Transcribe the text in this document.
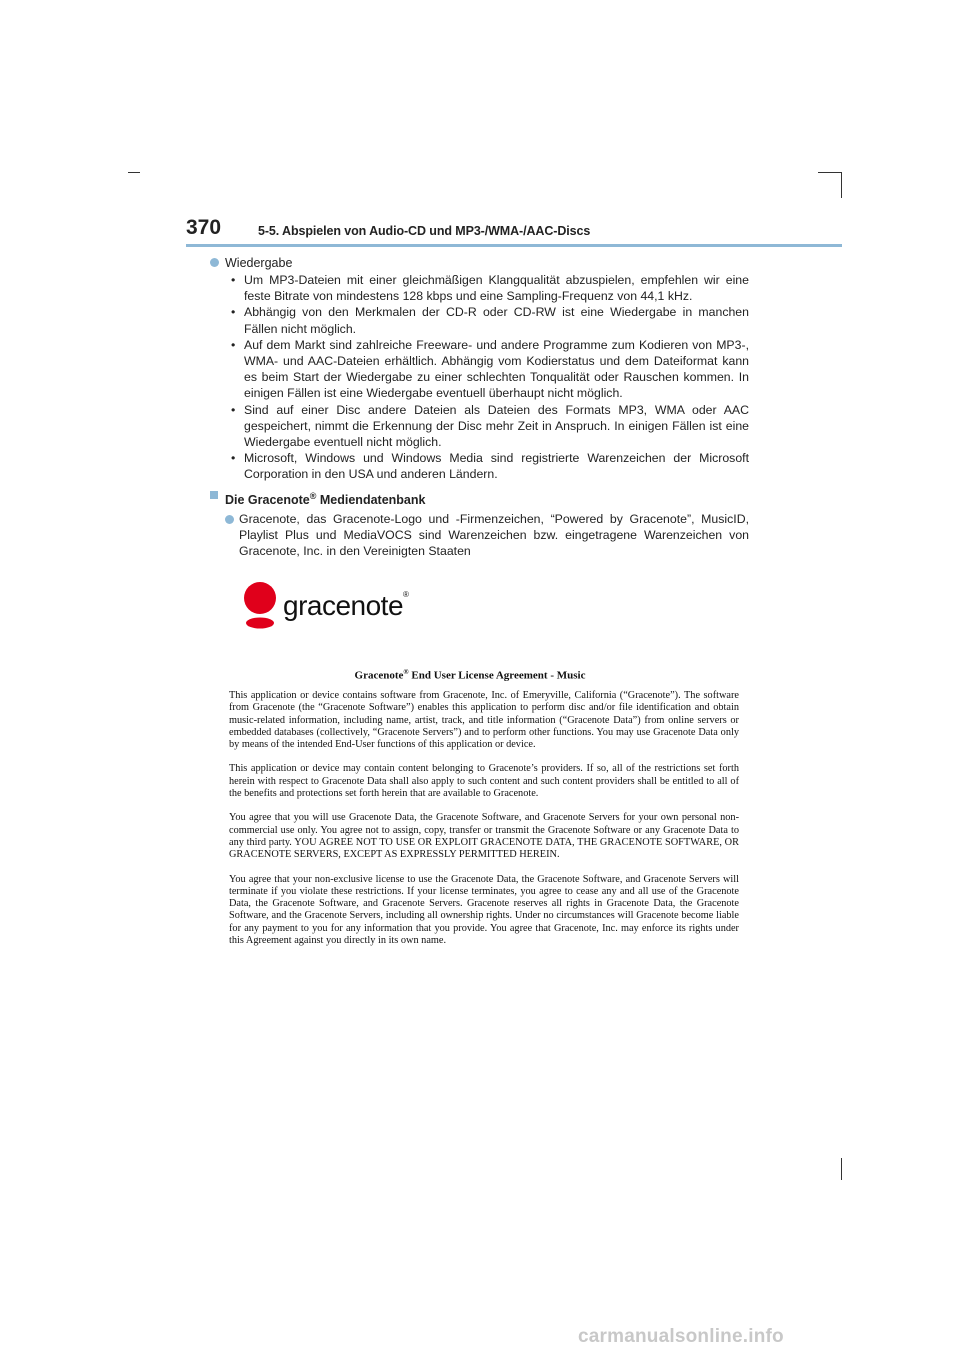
370	5-5. Abspielen von Audio-CD und MP3-/WMA-/AAC-Discs
Wiedergabe
• Um MP3-Dateien mit einer gleichmäßigen Klangqualität abzuspielen, empfehlen wir eine feste Bitrate von mindestens 128 kbps und eine Sampling-Frequenz von 44,1 kHz.
• Abhängig von den Merkmalen der CD-R oder CD-RW ist eine Wiedergabe in manchen Fällen nicht möglich.
• Auf dem Markt sind zahlreiche Freeware- und andere Programme zum Kodieren von MP3-, WMA- und AAC-Dateien erhältlich. Abhängig vom Kodierstatus und dem Dateiformat kann es beim Start der Wiedergabe zu einer schlechten Tonqualität oder Rauschen kommen. In einigen Fällen ist eine Wiedergabe eventuell überhaupt nicht möglich.
• Sind auf einer Disc andere Dateien als Dateien des Formats MP3, WMA oder AAC gespeichert, nimmt die Erkennung der Disc mehr Zeit in Anspruch. In einigen Fällen ist eine Wiedergabe eventuell nicht möglich.
• Microsoft, Windows und Windows Media sind registrierte Warenzeichen der Microsoft Corporation in den USA und anderen Ländern.
Die Gracenote® Mediendatenbank
Gracenote, das Gracenote-Logo und -Firmenzeichen, “Powered by Gracenote”, MusicID, Playlist Plus und MediaVOCS sind Warenzeichen bzw. eingetragene Warenzeichen von Gracenote, Inc. in den Vereinigten Staaten
gracenote®
Gracenote® End User License Agreement - Music

This application or device contains software from Gracenote, Inc. of Emeryville, California (“Gracenote”). The software from Gracenote (the “Gracenote Software”) enables this application to perform disc and/or file identification and obtain music-related information, including name, artist, track, and title information (“Gracenote Data”) from online servers or embedded databases (collectively, “Gracenote Servers”) and to perform other functions. You may use Gracenote Data only by means of the intended End-User functions of this application or device.

This application or device may contain content belonging to Gracenote’s providers. If so, all of the restrictions set forth herein with respect to Gracenote Data shall also apply to such content and such content providers shall be entitled to all of the benefits and protections set forth herein that are available to Gracenote.

You agree that you will use Gracenote Data, the Gracenote Software, and Gracenote Servers for your own personal non-commercial use only. You agree not to assign, copy, transfer or transmit the Gracenote Software or any Gracenote Data to any third party. YOU AGREE NOT TO USE OR EXPLOIT GRACENOTE DATA, THE GRACENOTE SOFTWARE, OR GRACENOTE SERVERS, EXCEPT AS EXPRESSLY PERMITTED HEREIN.

You agree that your non-exclusive license to use the Gracenote Data, the Gracenote Software, and Gracenote Servers will terminate if you violate these restrictions. If your license terminates, you agree to cease any and all use of the Gracenote Data, the Gracenote Software, and Gracenote Servers. Gracenote reserves all rights in Gracenote Data, the Gracenote Software, and the Gracenote Servers, including all ownership rights. Under no circumstances will Gracenote become liable for any payment to you for any information that you provide. You agree that Gracenote, Inc. may enforce its rights under this Agreement against you directly in its own name.

carmanualsonline.info
